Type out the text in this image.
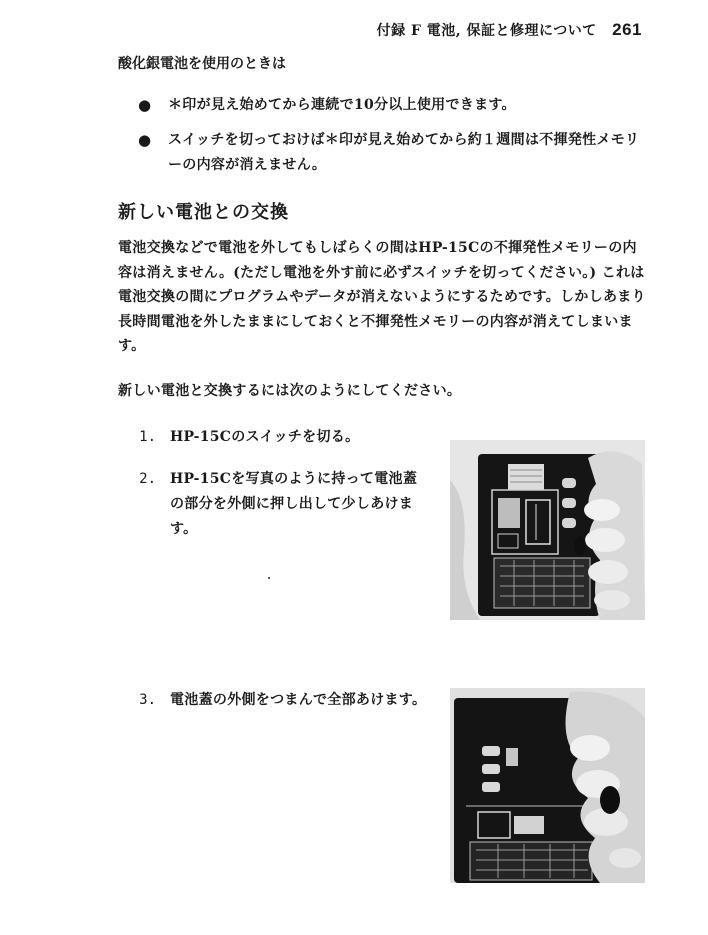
付録 F 電池, 保証と修理について 261
酸化銀電池を使用のときは
●	＊印が見え始めてから連続で10分以上使用できます。
●	スイッチを切っておけば＊印が見え始めてから約１週間は不揮発性メモリーの内容が消えません。
新しい電池との交換
電池交換などで電池を外してもしばらくの間はHP-15Cの不揮発性メモリーの内容は消えません。(ただし電池を外す前に必ずスイッチを切ってください。) これは電池交換の間にプログラムやデータが消えないようにするためです。しかしあまり長時間電池を外したままにしておくと不揮発性メモリーの内容が消えてしまいます。
新しい電池と交換するには次のようにしてください。
1.	HP-15Cのスイッチを切る。
2.	HP-15Cを写真のように持って電池蓋の部分を外側に押し出して少しあけます。
3.	電池蓋の外側をつまんで全部あけます。
